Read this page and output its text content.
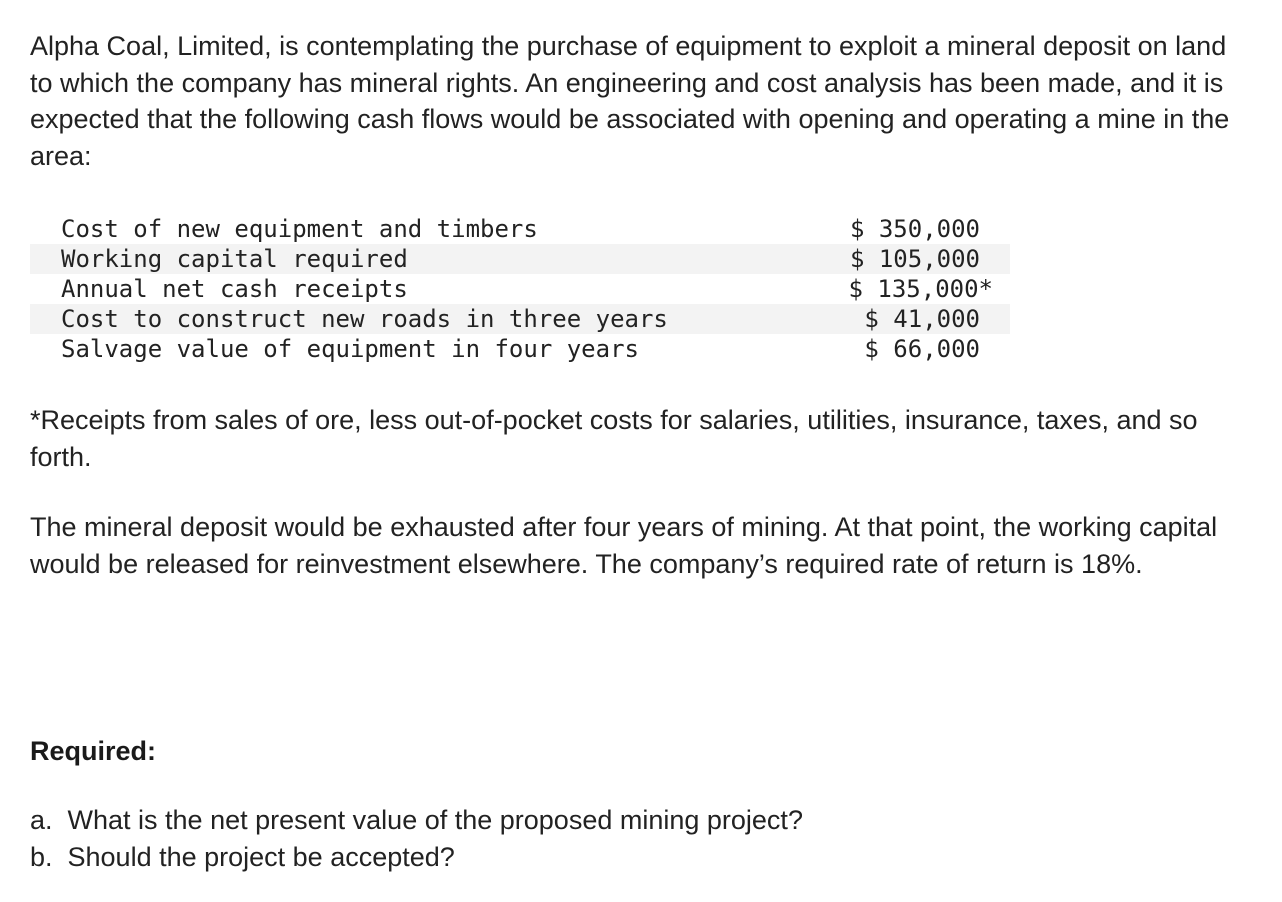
Alpha Coal, Limited, is contemplating the purchase of equipment to exploit a mineral deposit on land to which the company has mineral rights. An engineering and cost analysis has been made, and it is expected that the following cash flows would be associated with opening and operating a mine in the area:

Cost of new equipment and timbers	$ 350,000
Working capital required	$ 105,000
Annual net cash receipts	$ 135,000*
Cost to construct new roads in three years	$ 41,000
Salvage value of equipment in four years	$ 66,000

*Receipts from sales of ore, less out-of-pocket costs for salaries, utilities, insurance, taxes, and so forth.

The mineral deposit would be exhausted after four years of mining. At that point, the working capital would be released for reinvestment elsewhere. The company’s required rate of return is 18%.

Required:
a.  What is the net present value of the proposed mining project?
b.  Should the project be accepted?
